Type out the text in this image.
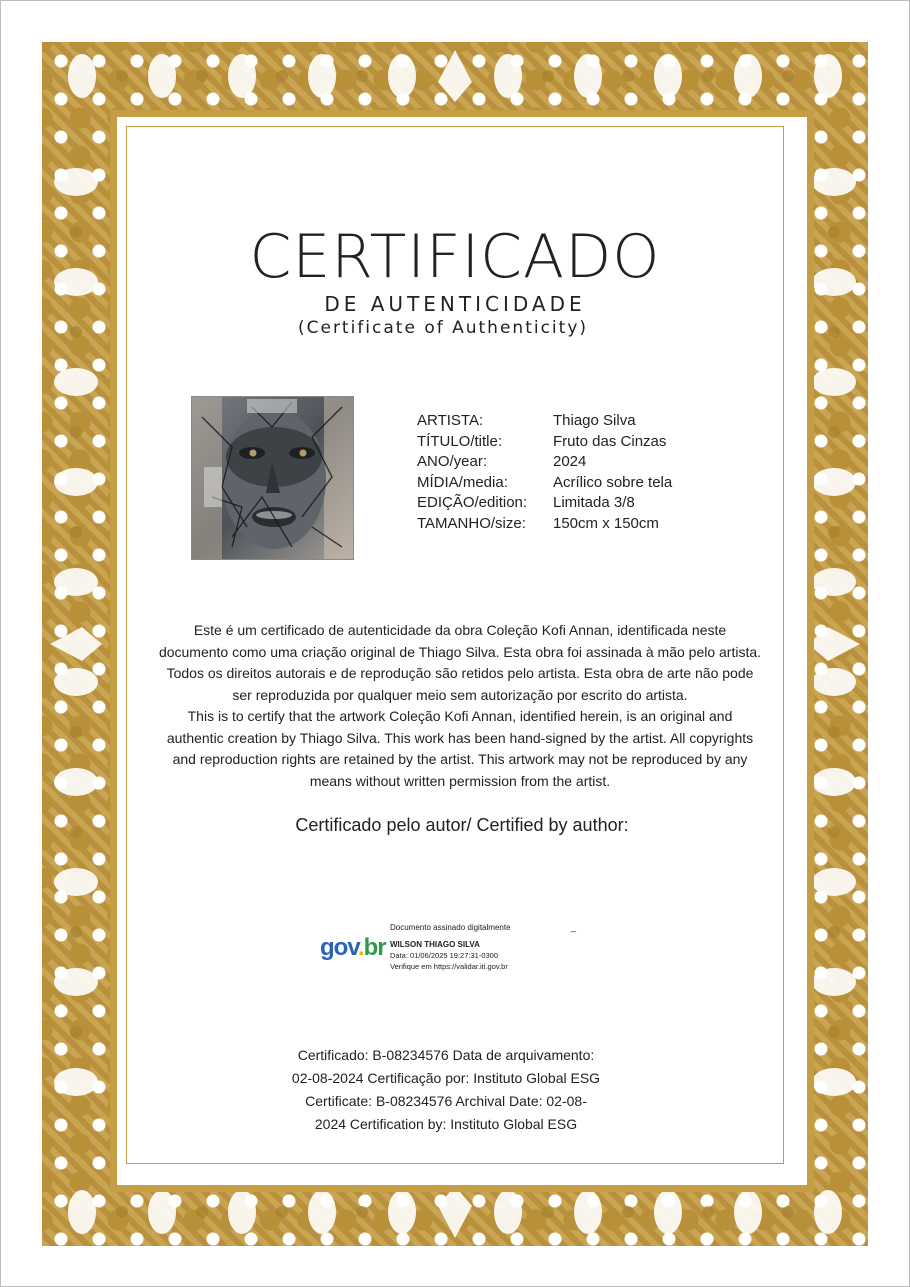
CERTIFICADO
DE AUTENTICIDADE
(Certificate of Authenticity)
ARTISTA:	Thiago Silva
TÍTULO/title:	Fruto das Cinzas
ANO/year:	2024
MÍDIA/media:	Acrílico sobre tela
EDIÇÃO/edition:	Limitada 3/8
TAMANHO/size:	150cm x 150cm
Este é um certificado de autenticidade da obra Coleção Kofi Annan, identificada neste documento como uma criação original de Thiago Silva. Esta obra foi assinada à mão pelo artista. Todos os direitos autorais e de reprodução são retidos pelo artista. Esta obra de arte não pode ser reproduzida por qualquer meio sem autorização por escrito do artista.
This is to certify that the artwork Coleção Kofi Annan, identified herein, is an original and authentic creation by Thiago Silva. This work has been hand-signed by the artist. All copyrights and reproduction rights are retained by the artist. This artwork may not be reproduced by any means without written permission from the artist.
Certificado pelo autor/ Certified by author:
gov.br
Documento assinado digitalmente
WILSON THIAGO SILVA
Data: 01/06/2025 19:27:31-0300
Verifique em https://validar.iti.gov.br
_
Certificado: B-08234576 Data de arquivamento: 02-08-2024 Certificação por: Instituto Global ESG
Certificate: B-08234576 Archival Date: 02-08-2024 Certification by: Instituto Global ESG
